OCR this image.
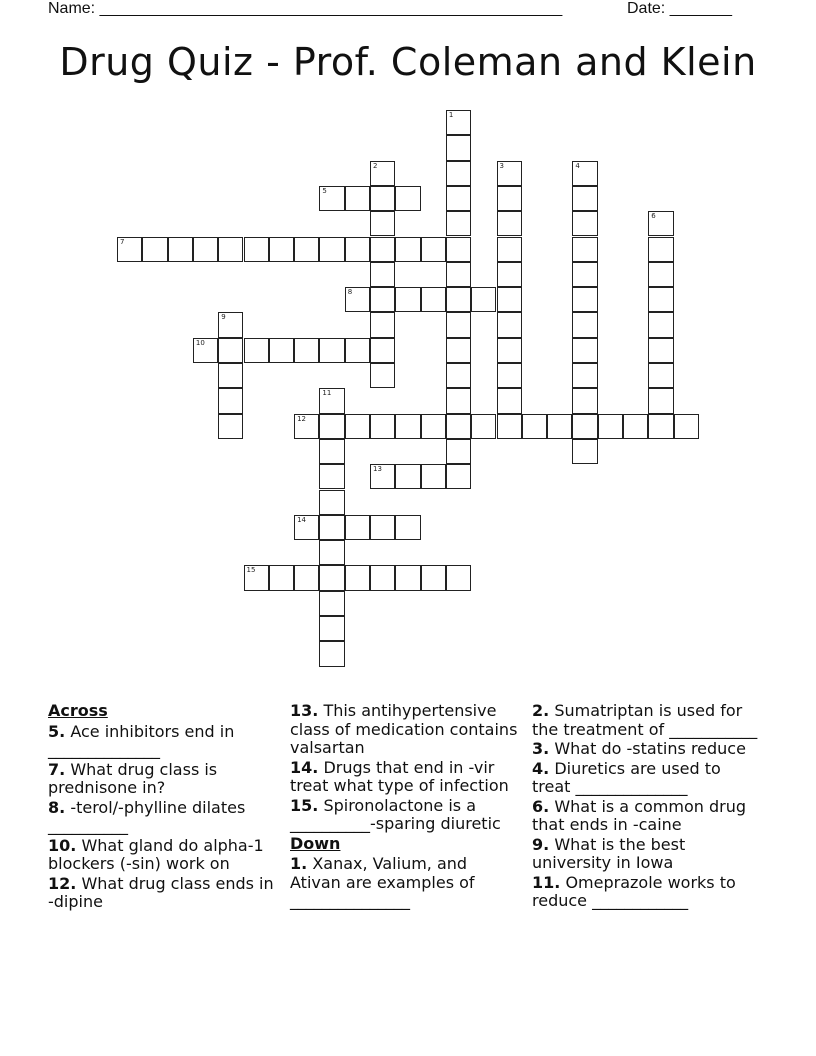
Name: ____________________________________________________	Date: _______
Drug Quiz - Prof. Coleman and Klein
1
2	3	4
5
6
7
8
9
10
11
12
13
14
15
Across
5. Ace inhibitors end in ______________
7. What drug class is prednisone in?
8. -terol/-phylline dilates __________
10. What gland do alpha-1 blockers (-sin) work on
12. What drug class ends in -dipine
13. This antihypertensive class of medication contains valsartan
14. Drugs that end in -vir treat what type of infection
15. Spironolactone is a __________-sparing diuretic
Down
1. Xanax, Valium, and Ativan are examples of _______________
2. Sumatriptan is used for the treatment of ___________
3. What do -statins reduce
4. Diuretics are used to treat ______________
6. What is a common drug that ends in -caine
9. What is the best university in Iowa
11. Omeprazole works to reduce ____________
